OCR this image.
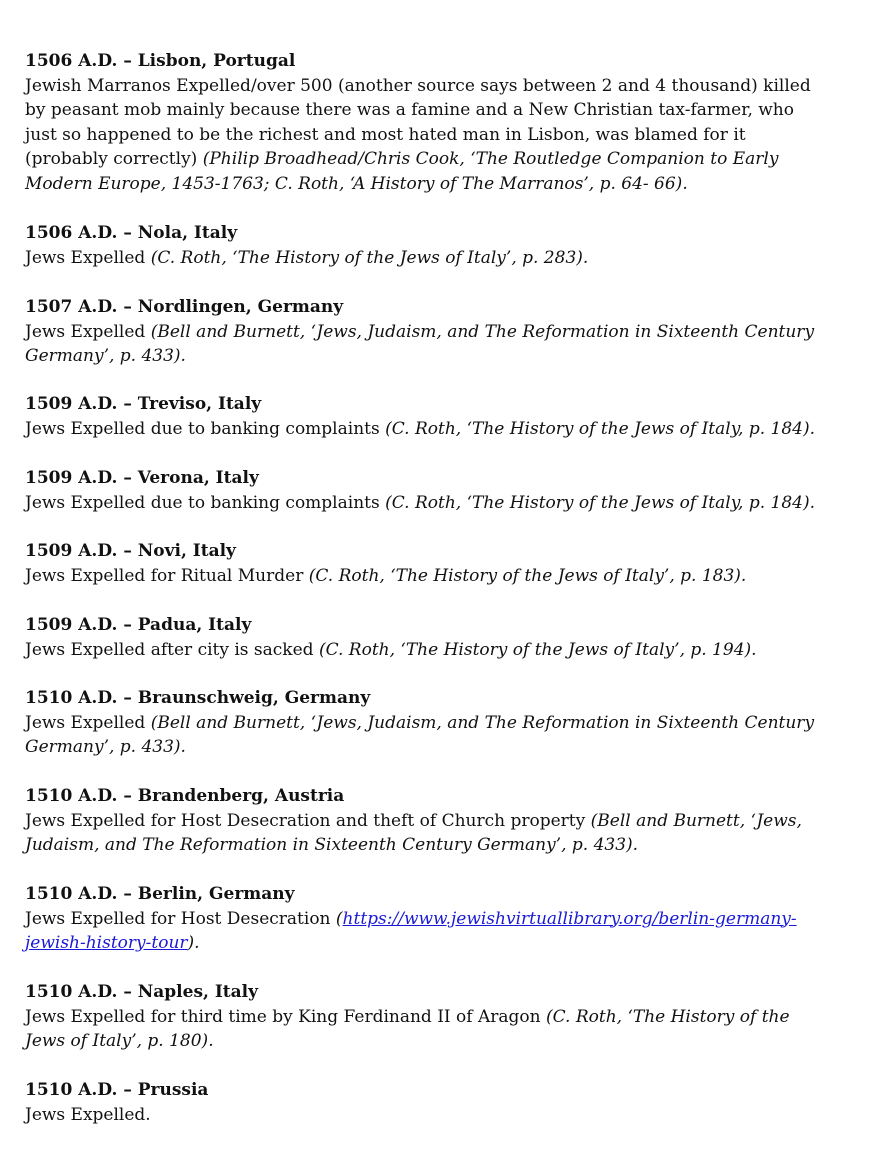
1506 A.D. – Lisbon, Portugal
Jewish Marranos Expelled/over 500 (another source says between 2 and 4 thousand) killed
by peasant mob mainly because there was a famine and a New Christian tax-farmer, who
just so happened to be the richest and most hated man in Lisbon, was blamed for it
(probably correctly) (Philip Broadhead/Chris Cook, ‘The Routledge Companion to Early
Modern Europe, 1453-1763; C. Roth, ‘A History of The Marranos’, p. 64- 66).
1506 A.D. – Nola, Italy
Jews Expelled (C. Roth, ‘The History of the Jews of Italy’, p. 283).
1507 A.D. – Nordlingen, Germany
Jews Expelled (Bell and Burnett, ‘Jews, Judaism, and The Reformation in Sixteenth Century
Germany’, p. 433).
1509 A.D. – Treviso, Italy
Jews Expelled due to banking complaints (C. Roth, ‘The History of the Jews of Italy, p. 184).
1509 A.D. – Verona, Italy
Jews Expelled due to banking complaints (C. Roth, ‘The History of the Jews of Italy, p. 184).
1509 A.D. – Novi, Italy
Jews Expelled for Ritual Murder (C. Roth, ‘The History of the Jews of Italy’, p. 183).
1509 A.D. – Padua, Italy
Jews Expelled after city is sacked (C. Roth, ‘The History of the Jews of Italy’, p. 194).
1510 A.D. – Braunschweig, Germany
Jews Expelled (Bell and Burnett, ‘Jews, Judaism, and The Reformation in Sixteenth Century
Germany’, p. 433).
1510 A.D. – Brandenberg, Austria
Jews Expelled for Host Desecration and theft of Church property (Bell and Burnett, ‘Jews,
Judaism, and The Reformation in Sixteenth Century Germany’, p. 433).
1510 A.D. – Berlin, Germany
Jews Expelled for Host Desecration (https://www.jewishvirtuallibrary.org/berlin-germany-
jewish-history-tour).
1510 A.D. – Naples, Italy
Jews Expelled for third time by King Ferdinand II of Aragon (C. Roth, ‘The History of the
Jews of Italy’, p. 180).
1510 A.D. – Prussia
Jews Expelled.
